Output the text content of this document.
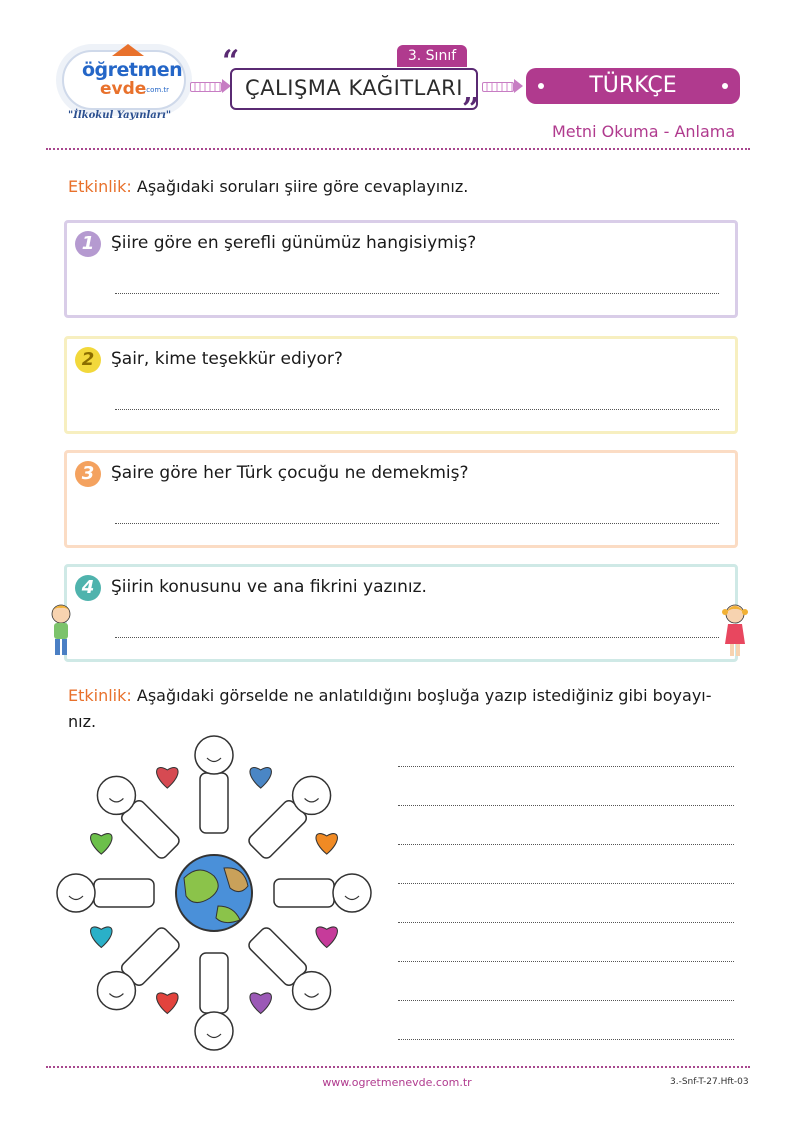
öğretmen
evde
.com.tr
"İlkokul Yayınları"
3. Sınıf
“
ÇALIŞMA KAĞITLARI
”
TÜRKÇE
Metni Okuma - Anlama
Etkinlik: Aşağıdaki soruları şiire göre cevaplayınız.
1 Şiire göre en şerefli günümüz hangisiymiş?
2 Şair, kime teşekkür ediyor?
3 Şaire göre her Türk çocuğu ne demekmiş?
4 Şiirin konusunu ve ana fikrini yazınız.
Etkinlik: Aşağıdaki görselde ne anlatıldığını boşluğa yazıp istediğiniz gibi boyayı-
nız.
www.ogretmenevde.com.tr	3.-Snf-T-27.Hft-03
